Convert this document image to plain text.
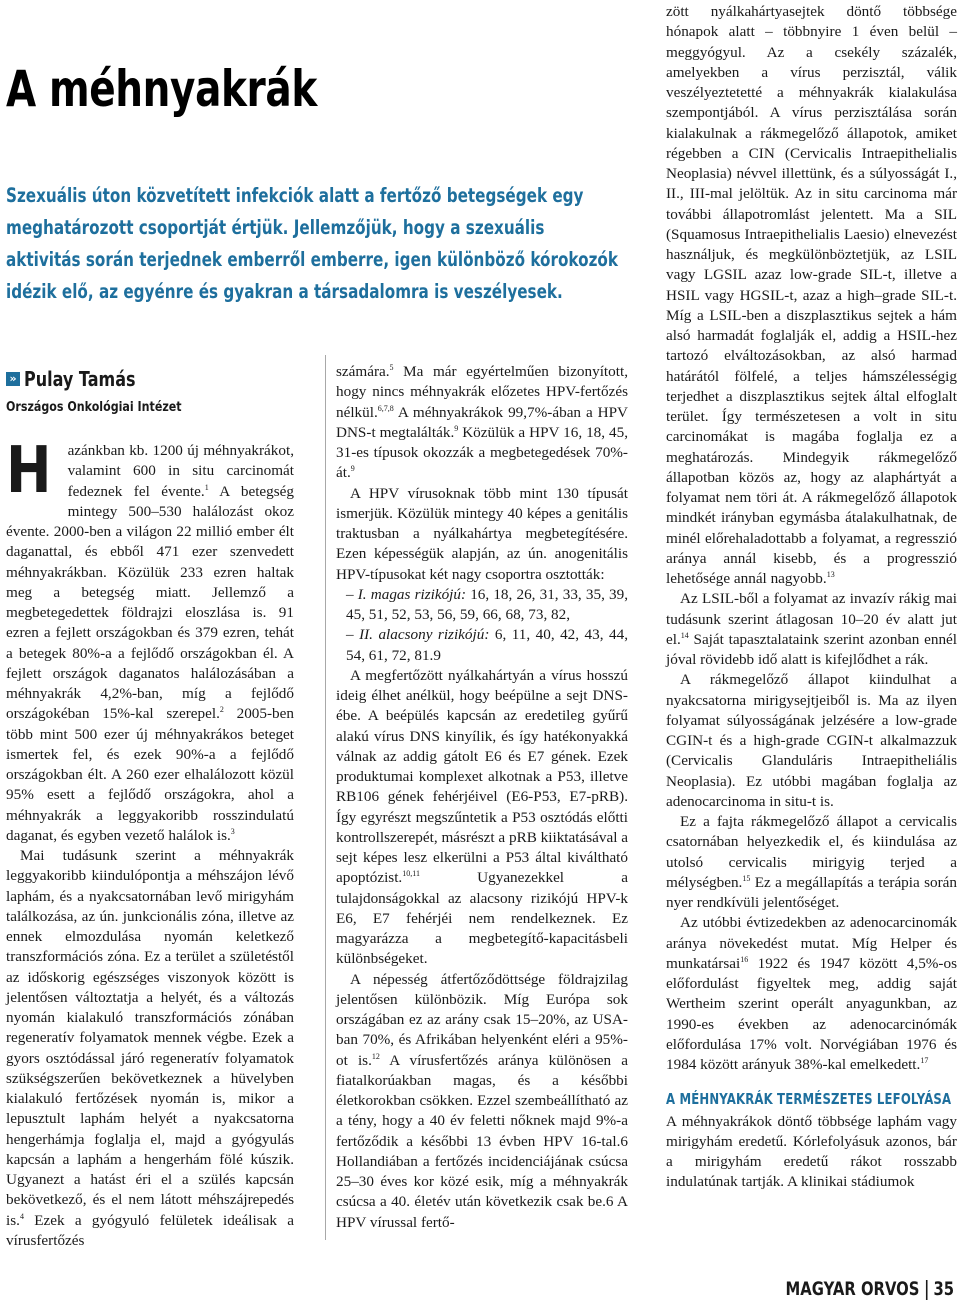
A méhnyakrák

Szexuális úton közvetített infekciók alatt a fertőző betegségek egy meghatározott csoportját értjük. Jellemzőjük, hogy a szexuális aktivitás során terjednek emberről emberre, igen különböző kórokozók idézik elő, az egyénre és gyakran a társadalomra is veszélyesek.

» Pulay Tamás
Országos Onkológiai Intézet

H azánkban kb. 1200 új méhnyakrákot, valamint 600 in situ carcinomát fedeznek fel évente.$^1$ A betegség mintegy 500–530 halálozást okoz évente. 2000-ben a világon 22 millió ember élt daganattal, és ebből 471 ezer szenvedett méhnyakrákban. Közülük 233 ezren haltak meg a betegség miatt. Jellemző a megbetegedettek földrajzi eloszlása is. 91 ezren a fejlett országokban és 379 ezren, tehát a betegek 80%-a a fejlődő országokban él. A fejlett országok daganatos halálozásában a méhnyakrák 4,2%-ban, míg a fejlődő országokéban 15%-kal szerepel.$^2$ 2005-ben több mint 500 ezer új méhnyakrákos beteget ismertek fel, és ezek 90%-a a fejlődő országokban élt. A 260 ezer elhalálozott közül 95% esett a fejlődő országokra, ahol a méhnyakrák a leggyakoribb rosszindulatú daganat, és egyben vezető halálok is.$^3$

Mai tudásunk szerint a méhnyakrák leggyakoribb kiindulópontja a méhszájon lévő laphám, és a nyakcsatornában levő mirigyhám találkozása, az ún. junkcionális zóna, illetve az ennek elmozdulása nyomán keletkező transzformációs zóna. Ez a terület a születéstől az időskorig egészséges viszonyok között is jelentősen változtatja a helyét, és a változás nyomán kialakuló transzformációs zónában regeneratív folyamatok mennek végbe. Ezek a gyors osztódással járó regeneratív folyamatok szükségszerűen bekövetkeznek a hüvelyben kialakuló fertőzések nyomán is, mikor a lepusztult laphám helyét a nyakcsatorna hengerhámja foglalja el, majd a gyógyulás kapcsán a laphám a hengerhám fölé kúszik. Ugyanezt a hatást éri el a szülés kapcsán bekövetkező, és el nem látott méhszájrepedés is.$^4$ Ezek a gyógyuló felületek ideálisak a vírusfertőzés

számára.$^5$ Ma már egyértelműen bizonyított, hogy nincs méhnyakrák előzetes HPV-fertőzés nélkül.$^{6,7,8}$ A méhnyakrákok 99,7%-ában a HPV DNS-t megtalálták.$^9$ Közülük a HPV 16, 18, 45, 31-es típusok okozzák a megbetegedések 70%-át.$^9$

A HPV vírusoknak több mint 130 típusát ismerjük. Közülük mintegy 40 képes a genitális traktusban a nyálkahártya megbetegítésére. Ezen képességük alapján, az ún. anogenitális HPV-típusokat két nagy csoportra osztották:

– I. magas rizikójú: 16, 18, 26, 31, 33, 35, 39, 45, 51, 52, 53, 56, 59, 66, 68, 73, 82,

– II. alacsony rizikójú: 6, 11, 40, 42, 43, 44, 54, 61, 72, 81.9

A megfertőzött nyálkahártyán a vírus hosszú ideig élhet anélkül, hogy beépülne a sejt DNS-ébe. A beépülés kapcsán az eredetileg gyűrű alakú vírus DNS kinyílik, és így hatékonyakká válnak az addig gátolt E6 és E7 gének. Ezek produktumai komplexet alkotnak a P53, illetve RB106 gének fehérjéivel (E6-P53, E7-pRB). Így egyrészt megszűntetik a P53 osztódás előtti kontrollszerepét, másrészt a pRB kiiktatásával a sejt képes lesz elkerülni a P53 által kiváltható apoptózist.$^{10,11}$ Ugyanezekkel a tulajdonságokkal az alacsony rizikójú HPV-k E6, E7 fehérjéi nem rendelkeznek. Ez magyarázza a megbetegítő-kapacitásbeli különbségeket.

A népesség átfertőződöttsége földrajzilag jelentősen különbözik. Míg Európa sok országában ez az arány csak 15–20%, az USA-ban 70%, és Afrikában helyenként eléri a 95%-ot is.$^{12}$ A vírusfertőzés aránya különösen a fiatalkorúakban magas, és a későbbi életkorokban csökken. Ezzel szembeállítható az a tény, hogy a 40 év feletti nőknek majd 9%-a fertőződik a későbbi 13 évben HPV 16-tal.6 Hollandiában a fertőzés incidenciájának csúcsa 25–30 éves kor közé esik, míg a méhnyakrák csúcsa a 40. életév után következik csak be.6 A HPV vírussal fertő-

zött nyálkahártyasejtek döntő többsége hónapok alatt – többnyire 1 éven belül – meggyógyul. Az a csekély százalék, amelyekben a vírus perzisztál, válik veszélyeztetetté a méhnyakrák kialakulása szempontjából. A vírus perzisztálása során kialakulnak a rákmegelőző állapotok, amiket régebben a CIN (Cervicalis Intraepithelialis Neoplasia) névvel illettünk, és a súlyosságát I., II., III-mal jelöltük. Az in situ carcinoma már további állapotromlást jelentett. Ma a SIL (Squamosus Intraepithelialis Laesio) elnevezést használjuk, és megkülönböztetjük, az LSIL vagy LGSIL azaz low-grade SIL-t, illetve a HSIL vagy HGSIL-t, azaz a high–grade SIL-t. Míg a LSIL-ben a diszplasztikus sejtek a hám alsó harmadát foglalják el, addig a HSIL-hez tartozó elváltozásokban, az alsó harmad határától fölfelé, a teljes hámszélességig terjedhet a diszplasztikus sejtek által elfoglalt terület. Így természetesen a volt in situ carcinomákat is magába foglalja ez a meghatározás. Mindegyik rákmegelőző állapotban közös az, hogy az alaphártyát a folyamat nem töri át. A rákmegelőző állapotok mindkét irányban egymásba átalakulhatnak, de minél előrehaladottabb a folyamat, a regresszió aránya annál kisebb, és a progresszió lehetősége annál nagyobb.$^{13}$

Az LSIL-ből a folyamat az invazív rákig mai tudásunk szerint átlagosan 10–20 év alatt jut el.$^{14}$ Saját tapasztalataink szerint azonban ennél jóval rövidebb idő alatt is kifejlődhet a rák.

A rákmegelőző állapot kiindulhat a nyakcsatorna mirigysejtjeiből is. Ma az ilyen folyamat súlyosságának jelzésére a low-grade CGIN-t és a high-grade CGIN-t alkalmazzuk (Cervicalis Glanduláris Intraepitheliális Neoplasia). Ez utóbbi magában foglalja az adenocarcinoma in situ-t is.

Ez a fajta rákmegelőző állapot a cervicalis csatornában helyezkedik el, és kiindulása az utolsó cervicalis mirigyig terjed a mélységben.$^{15}$ Ez a megállapítás a terápia során nyer rendkívüli jelentőséget.

Az utóbbi évtizedekben az adenocarcinomák aránya növekedést mutat. Míg Helper és munkatársai$^{16}$ 1922 és 1947 között 4,5%-os előfordulást figyeltek meg, addig saját Wertheim szerint operált anyagunkban, az 1990-es években az adenocarcinómák előfordulása 17% volt. Norvégiában 1976 és 1984 között arányuk 38%-kal emelkedett.$^{17}$

A MÉHNYAKRÁK TERMÉSZETES LEFOLYÁSA

A méhnyakrákok döntő többsége laphám vagy mirigyhám eredetű. Kórlefolyásuk azonos, bár a mirigyhám eredetű rákot rosszabb indulatúnak tartják. A klinikai stádiumok

MAGYAR ORVOS 35
